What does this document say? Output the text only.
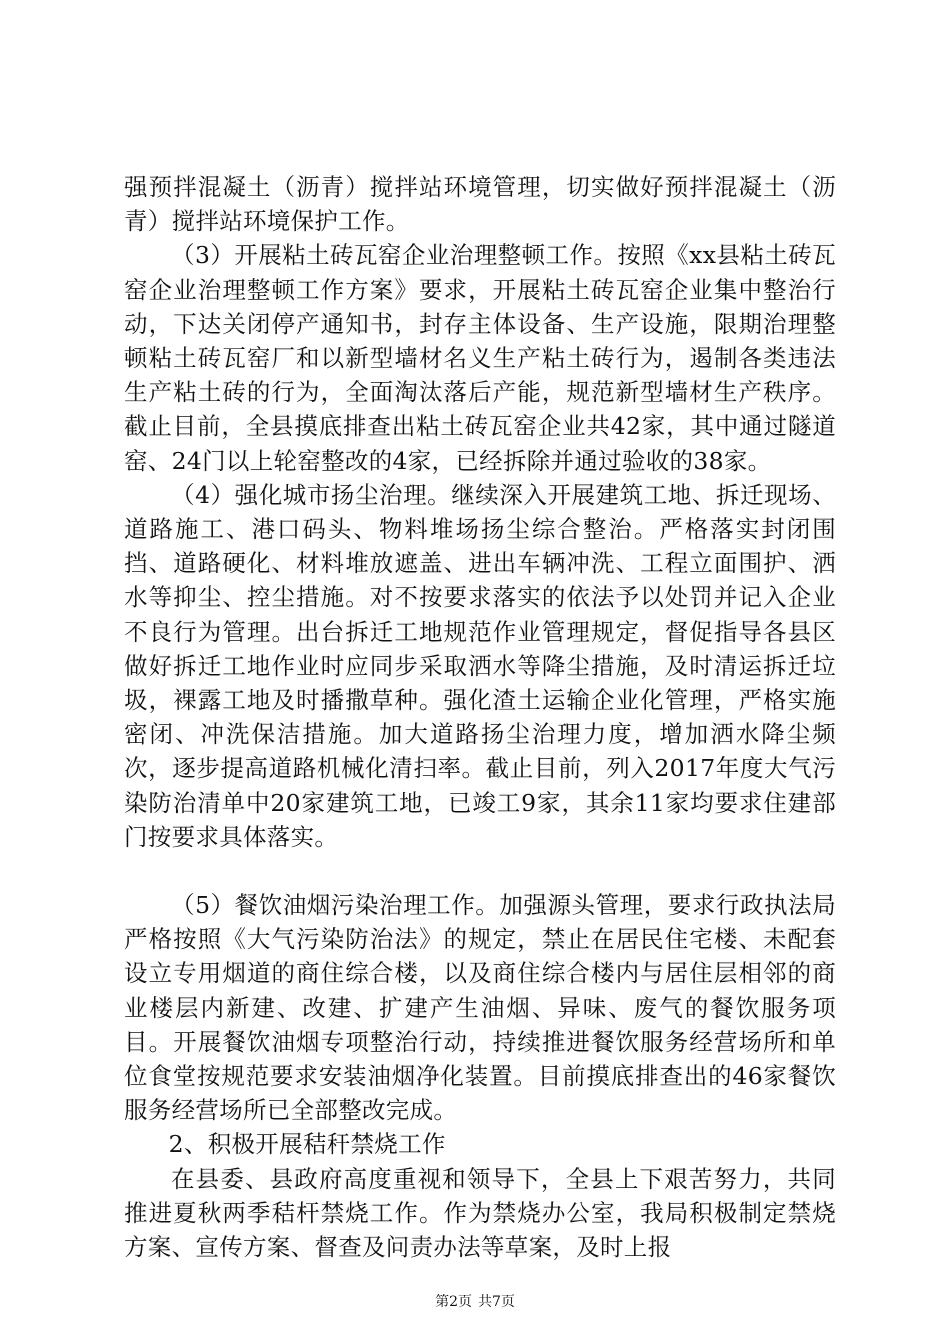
强预拌混凝土（沥青）搅拌站环境管理，切实做好预拌混凝土（沥青）搅拌站环境保护工作。

（3）开展粘土砖瓦窑企业治理整顿工作。按照《xx县粘土砖瓦窑企业治理整顿工作方案》要求，开展粘土砖瓦窑企业集中整治行动，下达关闭停产通知书，封存主体设备、生产设施，限期治理整顿粘土砖瓦窑厂和以新型墙材名义生产粘土砖行为，遏制各类违法生产粘土砖的行为，全面淘汰落后产能，规范新型墙材生产秩序。截止目前，全县摸底排查出粘土砖瓦窑企业共42家，其中通过隧道窑、24门以上轮窑整改的4家，已经拆除并通过验收的38家。

（4）强化城市扬尘治理。继续深入开展建筑工地、拆迁现场、道路施工、港口码头、物料堆场扬尘综合整治。严格落实封闭围挡、道路硬化、材料堆放遮盖、进出车辆冲洗、工程立面围护、洒水等抑尘、控尘措施。对不按要求落实的依法予以处罚并记入企业不良行为管理。出台拆迁工地规范作业管理规定，督促指导各县区做好拆迁工地作业时应同步采取洒水等降尘措施，及时清运拆迁垃圾，裸露工地及时播撒草种。强化渣土运输企业化管理，严格实施密闭、冲洗保洁措施。加大道路扬尘治理力度，增加洒水降尘频次，逐步提高道路机械化清扫率。截止目前，列入2017年度大气污染防治清单中20家建筑工地，已竣工9家，其余11家均要求住建部门按要求具体落实。

（5）餐饮油烟污染治理工作。加强源头管理，要求行政执法局严格按照《大气污染防治法》的规定，禁止在居民住宅楼、未配套设立专用烟道的商住综合楼，以及商住综合楼内与居住层相邻的商业楼层内新建、改建、扩建产生油烟、异味、废气的餐饮服务项目。开展餐饮油烟专项整治行动，持续推进餐饮服务经营场所和单位食堂按规范要求安装油烟净化装置。目前摸底排查出的46家餐饮服务经营场所已全部整改完成。

2、积极开展秸秆禁烧工作

在县委、县政府高度重视和领导下，全县上下艰苦努力，共同推进夏秋两季秸杆禁烧工作。作为禁烧办公室，我局积极制定禁烧方案、宣传方案、督查及问责办法等草案，及时上报

第2页 共7页
